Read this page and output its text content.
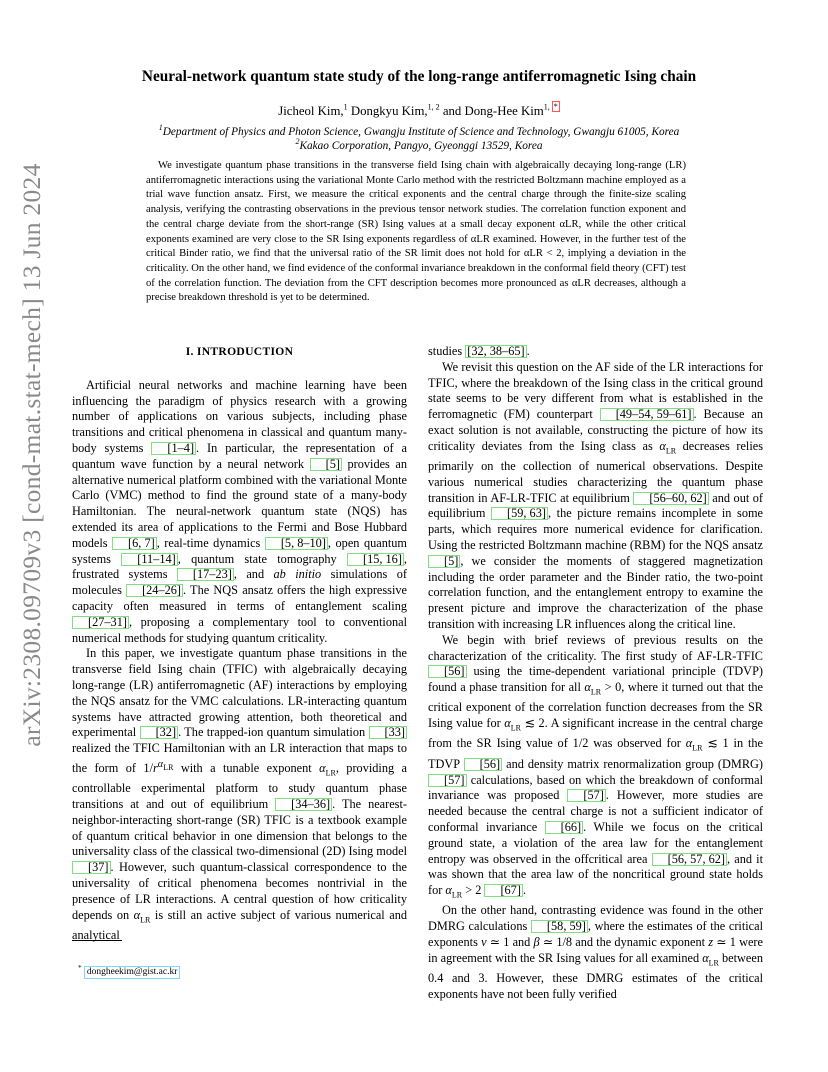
arXiv:2308.09709v3 [cond-mat.stat-mech] 13 Jun 2024
Neural-network quantum state study of the long-range antiferromagnetic Ising chain
Jicheol Kim,$^1$ Dongkyu Kim,$^{1, 2}$ and Dong-Hee Kim$^{1,}$ *
$^1$Department of Physics and Photon Science, Gwangju Institute of Science and Technology, Gwangju 61005, Korea
$^2$Kakao Corporation, Pangyo, Gyeonggi 13529, Korea
We investigate quantum phase transitions in the transverse field Ising chain with algebraically decaying long-range (LR) antiferromagnetic interactions using the variational Monte Carlo method with the restricted Boltzmann machine employed as a trial wave function ansatz. First, we measure the critical exponents and the central charge through the finite-size scaling analysis, verifying the contrasting observations in the previous tensor network studies. The correlation function exponent and the central charge deviate from the short-range (SR) Ising values at a small decay exponent αLR, while the other critical exponents examined are very close to the SR Ising exponents regardless of αLR examined. However, in the further test of the critical Binder ratio, we find that the universal ratio of the SR limit does not hold for αLR < 2, implying a deviation in the criticality. On the other hand, we find evidence of the conformal invariance breakdown in the conformal field theory (CFT) test of the correlation function. The deviation from the CFT description becomes more pronounced as αLR decreases, although a precise breakdown threshold is yet to be determined.
I. INTRODUCTION

Artificial neural networks and machine learning have been influencing the paradigm of physics research with a growing number of applications on various subjects, including phase transitions and critical phenomena in classical and quantum many-body systems [1–4] . In particular, the representation of a quantum wave function by a neural network [5] provides an alternative numerical platform combined with the variational Monte Carlo (VMC) method to find the ground state of a many-body Hamiltonian. The neural-network quantum state (NQS) has extended its area of applications to the Fermi and Bose Hubbard models [6, 7] , real-time dynamics [5, 8–10] , open quantum systems [11–14] , quantum state tomography [15, 16] , frustrated systems [17–23] , and ab initio simulations of molecules [24–26] . The NQS ansatz offers the high expressive capacity often measured in terms of entanglement scaling [27–31] , proposing a complementary tool to conventional numerical methods for studying quantum criticality.

In this paper, we investigate quantum phase transitions in the transverse field Ising chain (TFIC) with algebraically decaying long-range (LR) antiferromagnetic (AF) interactions by employing the NQS ansatz for the VMC calculations. LR-interacting quantum systems have attracted growing attention, both theoretical and experimental [32] . The trapped-ion quantum simulation [33] realized the TFIC Hamiltonian with an LR interaction that maps to the form of $1/r^{\alpha_{LR}}$ with a tunable exponent $\alpha_{LR}$, providing a controllable experimental platform to study quantum phase transitions at and out of equilibrium [34–36] . The nearest-neighbor-interacting short-range (SR) TFIC is a textbook example of quantum critical behavior in one dimension that belongs to the universality class of the classical two-dimensional (2D) Ising model [37] . However, such quantum-classical correspondence to the universality of critical phenomena becomes nontrivial in the presence of LR interactions. A central question of how criticality depends on $\alpha_{LR}$ is still an active subject of various numerical and analytical

studies [32, 38–65] .

We revisit this question on the AF side of the LR interactions for TFIC, where the breakdown of the Ising class in the critical ground state seems to be very different from what is established in the ferromagnetic (FM) counterpart [49–54, 59–61] . Because an exact solution is not available, constructing the picture of how its criticality deviates from the Ising class as $\alpha_{LR}$ decreases relies primarily on the collection of numerical observations. Despite various numerical studies characterizing the quantum phase transition in AF-LR-TFIC at equilibrium [56–60, 62] and out of equilibrium [59, 63] , the picture remains incomplete in some parts, which requires more numerical evidence for clarification. Using the restricted Boltzmann machine (RBM) for the NQS ansatz [5] , we consider the moments of staggered magnetization including the order parameter and the Binder ratio, the two-point correlation function, and the entanglement entropy to examine the present picture and improve the characterization of the phase transition with increasing LR influences along the critical line.

We begin with brief reviews of previous results on the characterization of the criticality. The first study of AF-LR-TFIC [56] using the time-dependent variational principle (TDVP) found a phase transition for all $\alpha_{LR} > 0$, where it turned out that the critical exponent of the correlation function decreases from the SR Ising value for $\alpha_{LR}$ ≲ 2. A significant increase in the central charge from the SR Ising value of 1/2 was observed for $\alpha_{LR}$ ≲ 1 in the TDVP [56] and density matrix renormalization group (DMRG) [57] calculations, based on which the breakdown of conformal invariance was proposed [57] . However, more studies are needed because the central charge is not a sufficient indicator of conformal invariance [66] . While we focus on the critical ground state, a violation of the area law for the entanglement entropy was observed in the offcritical area [56, 57, 62] , and it was shown that the area law of the noncritical ground state holds for $\alpha_{LR} > 2$ [67] .

On the other hand, contrasting evidence was found in the other DMRG calculations [58, 59] , where the estimates of the critical exponents ν ≃ 1 and β ≃ 1/8 and the dynamic exponent z ≃ 1 were in agreement with the SR Ising values for all examined $\alpha_{LR}$ between 0.4 and 3. However, these DMRG estimates of the critical exponents have not been fully verified

* dongheekim@gist.ac.kr
